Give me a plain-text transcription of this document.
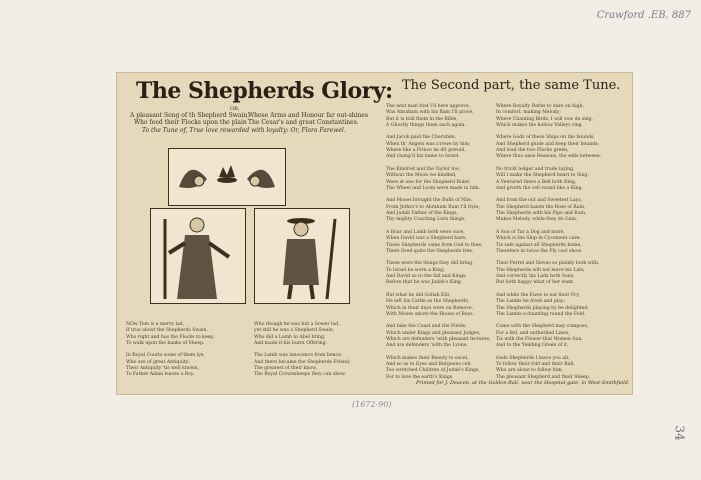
Crawford .EB. 887
34
(1672-90)
The Shepherds Glory: The Second part, the same Tune.
OR,
A pleasant Song of th Shepherd Swain,
Who feed their Flocks upon the plain
Whose Arms and Honour far out-shines
The Cesar's and great Constantines.
To the Tune of, True love rewarded with loyalty: Or, Flora Farewel.
NOw Tom is a merry lad,
If true about the Shepherds Swain,
Who right and has the Flocks to keep,
To walk upon the banks of Sheep.
In Royal Courts some of them lye,
Who are of great Antiquity:
Their Antiquity 'tis well known,
To Father Adam leaves a Boy.
Who though he was but a Sower lad,
yet still he was a Shepherd Swain,
Who did a Lamb to Abel bring,
And made it his burnt Offering.
The Lamb was innocence from hence,
And there became the Shepherds Friend,
The greatest of their know,
The Royal Crownsheeps they can show.
The next man that I'll here approve,
Was Abraham with his Ram I'll prove,
But it is told them in the Bible,
A Ghostly things them such again.
And Jacob paid the Cherubim,
When th' Angels was a'rewe by him;
Where like a Prince he dit prevail,
And chang'd his name to Israel.
The Kindred and the Taylor too,
Without the Moon we kindled,
Were at one for the Shepherd Ruler,
The Wheel and Loom were made in him.
And Moses brought the Bulls of Nile,
From Jethro's to Abraham Ram I'll Oyle;
And Judah Father of the Kings,
Thy mighty Coaching Lorn things.
A Boar and Lamb both were sure,
When David was a Shepherd bare;
Those Shepherds came from God to thee,
There lived quite the Shepherds tree.
These were the things they did bring,
To Israel be worn a King;
And David so to the fall and Kings,
Before that he was Judah's King.
But what he did Goliah Kill,
He left his Cattle as the Shepherds,
Which in their days were on Remove,
With Moses smote the House of Boys.
And take the Coast and the Fields,
Which under Kings and pleasant Judges,
Which are defenders 'with pleasant lectures,
And are defenders 'with the Lyons.
Which makes their Beauty to excel,
And so as to Eyes and Burgeons cell,
Too wretched Children of Judah's Kings,
For to love the earth's Kings.
Where Royalty Rarks to dare on high,
In comfort, making Melody;
Where Chanting Birds, I will vow do sing,
Which makes the hollow Valleys ring.
Where Gods of these Ships on the bounds,
And Shepherd guide and keep their bounds;
And lead the two Flocks green,
Where thus unse Reasons, the sells between.
No trickt ledger and trade laying,
Will I make the Shepherd heart to Sing:
A Ventured there a Bell both Ring,
And giveth the cell round like a King.
And from the out and Sweetest Lays,
The Shepherd bands the Rose of Rain,
The Shepherds with his Pipe and Rain,
Makes Melody, while they do Gain.
A Son of Tar a Dog and more,
Which is the Ship in Cycement care:
Tis safe against all Shepherds home,
Therefore in twice the Fly cool show.
Their Ferrel and Slaves so plainly both with,
The Shepherds will not leave his Lals;
And correctly his Lads both Sons,
But both happy what of her want.
And while the Ewes to eat their Fry,
The Lambs be fresh and play;
The Shepherds playing by be delighted,
The Lambs a daunting round the Fold.
Come with the Shepherd may compose,
For a fed, and untheriled Lines,
Tis with the Flower that Women Sun,
And to the Yielding Green of it.
Gods Shepherds I leave you all,
To follow their fold and their Ball,
Who are alone to follow him,
The pleasant Shepherd and their Sheep.
Printed for J. Deacon, at the Golden-Ball, near the Hospital-gate, in West-Smithfield.
